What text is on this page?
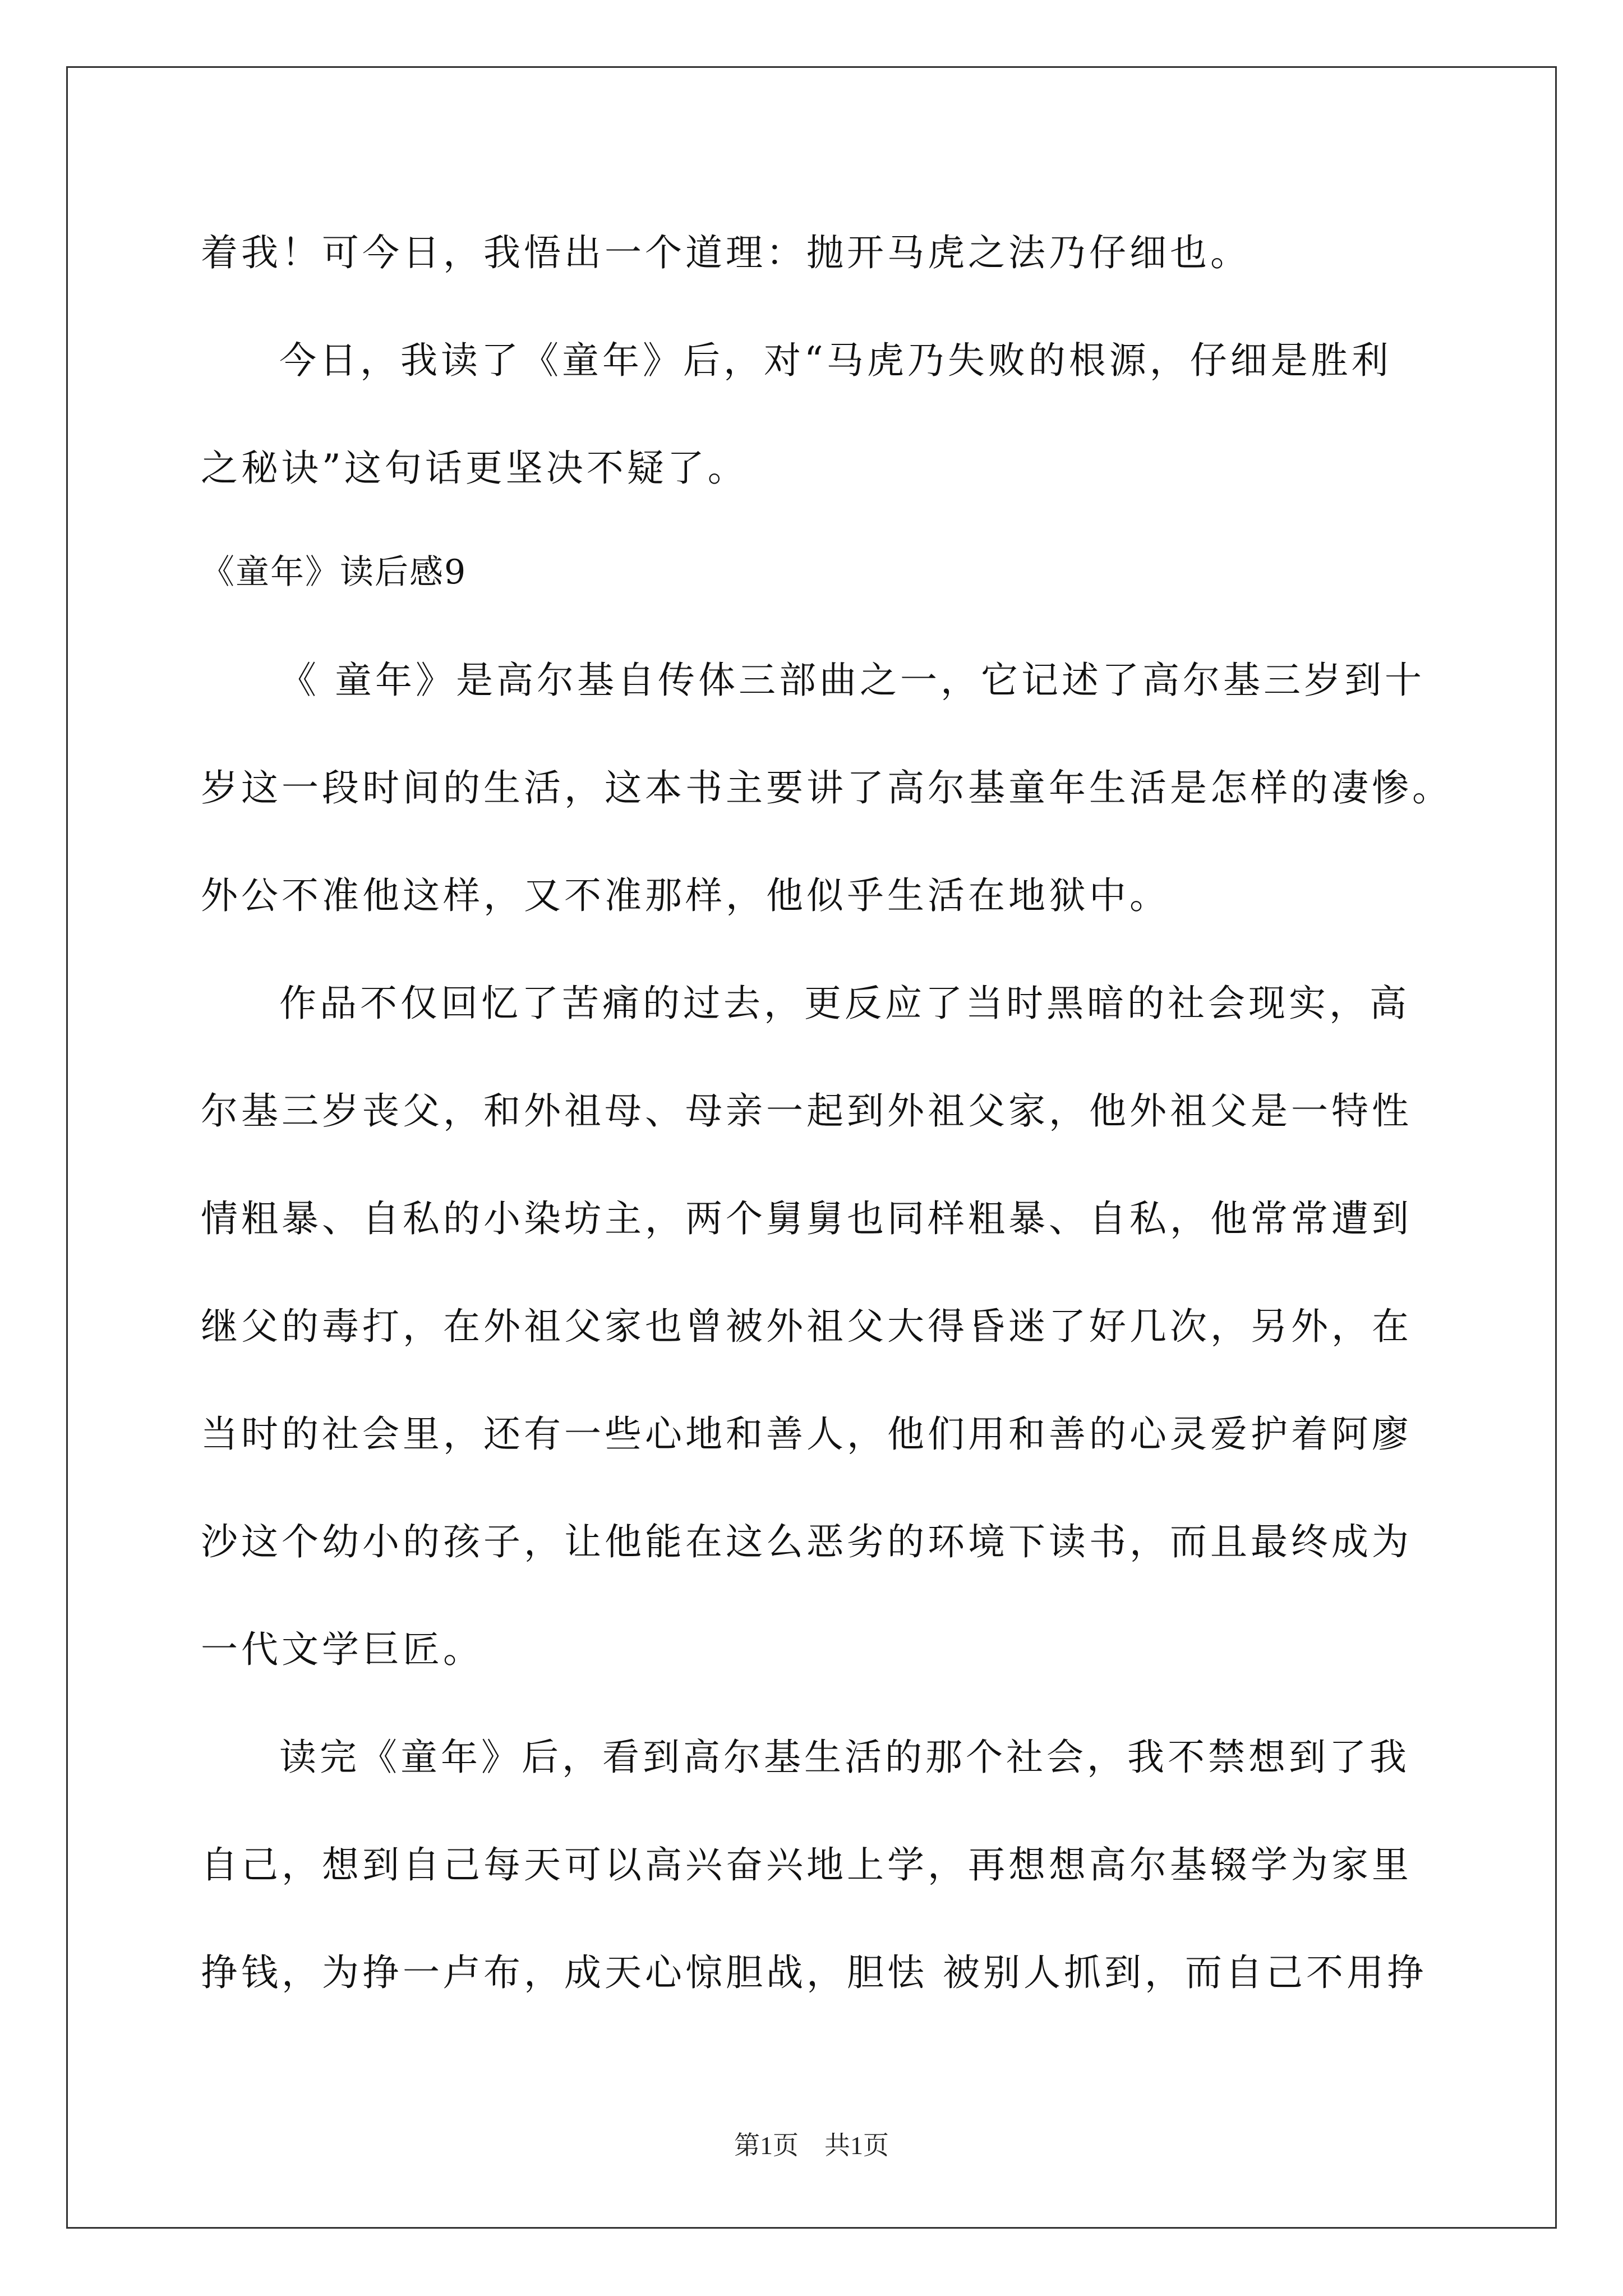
着我！可今日，我悟出一个道理：抛开马虎之法乃仔细也。
今日，我读了《童年》后，对“马虎乃失败的根源，仔细是胜利
之秘诀”这句话更坚决不疑了。
《童年》读后感9
《 童年》是高尔基自传体三部曲之一，它记述了高尔基三岁到十
岁这一段时间的生活，这本书主要讲了高尔基童年生活是怎样的凄惨。
外公不准他这样，又不准那样，他似乎生活在地狱中。
作品不仅回忆了苦痛的过去，更反应了当时黑暗的社会现实，高
尔基三岁丧父，和外祖母、母亲一起到外祖父家，他外祖父是一特性
情粗暴、自私的小染坊主，两个舅舅也同样粗暴、自私，他常常遭到
继父的毒打，在外祖父家也曾被外祖父大得昏迷了好几次，另外，在
当时的社会里，还有一些心地和善人，他们用和善的心灵爱护着阿廖
沙这个幼小的孩子，让他能在这么恶劣的环境下读书，而且最终成为
一代文学巨匠。
读完《童年》后，看到高尔基生活的那个社会，我不禁想到了我
自己，想到自己每天可以高兴奋兴地上学，再想想高尔基辍学为家里
挣钱，为挣一卢布，成天心惊胆战，胆怯 被别人抓到，而自己不用挣
第1页　共1页
